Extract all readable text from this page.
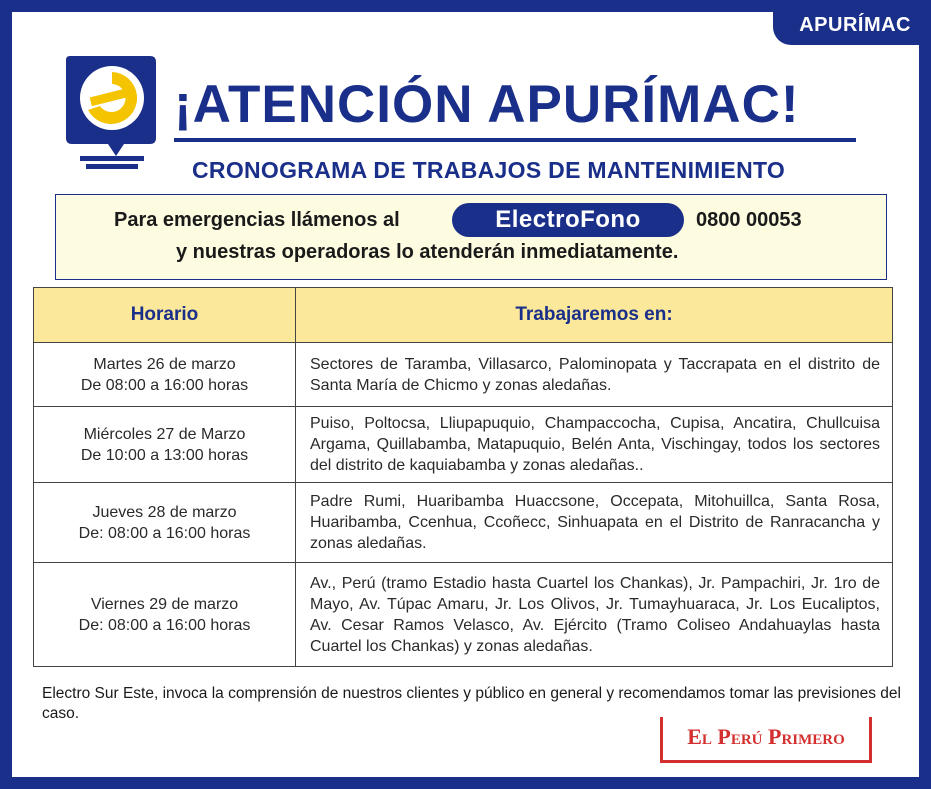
APURÍMAC
¡ATENCIÓN APURÍMAC!
CRONOGRAMA DE TRABAJOS DE MANTENIMIENTO
Para emergencias llámenos al	ElectroFono	0800 00053
y nuestras operadoras lo atenderán inmediatamente.
Horario	Trabajaremos en:

Martes 26 de marzo
De 08:00 a 16:00 horas	Sectores de Taramba, Villasarco, Palominopata y Taccrapata en el distrito de Santa María de Chicmo y zonas aledañas.

Miércoles 27 de Marzo
De 10:00 a 13:00 horas	Puiso, Poltocsa, Lliupapuquio, Champaccocha, Cupisa, Ancatira, Chullcuisa Argama, Quillabamba, Matapuquio, Belén Anta, Vischingay, todos los sectores del distrito de kaquiabamba y zonas aledañas..

Jueves 28 de marzo
De: 08:00 a 16:00 horas	Padre Rumi, Huaribamba Huaccsone, Occepata, Mitohuillca, Santa Rosa, Huaribamba, Ccenhua, Ccoñecc, Sinhuapata en el Distrito de Ranracancha y zonas aledañas.

Viernes 29 de marzo
De: 08:00 a 16:00 horas	Av., Perú (tramo Estadio hasta Cuartel los Chankas), Jr. Pampachiri, Jr. 1ro de Mayo, Av. Túpac Amaru, Jr. Los Olivos, Jr. Tumayhuaraca, Jr. Los Eucaliptos, Av. Cesar Ramos Velasco, Av. Ejército (Tramo Coliseo Andahuaylas hasta Cuartel los Chankas) y zonas aledañas.
Electro Sur Este, invoca la comprensión de nuestros clientes y público en general y recomendamos tomar las previsiones del caso.
El Perú Primero
